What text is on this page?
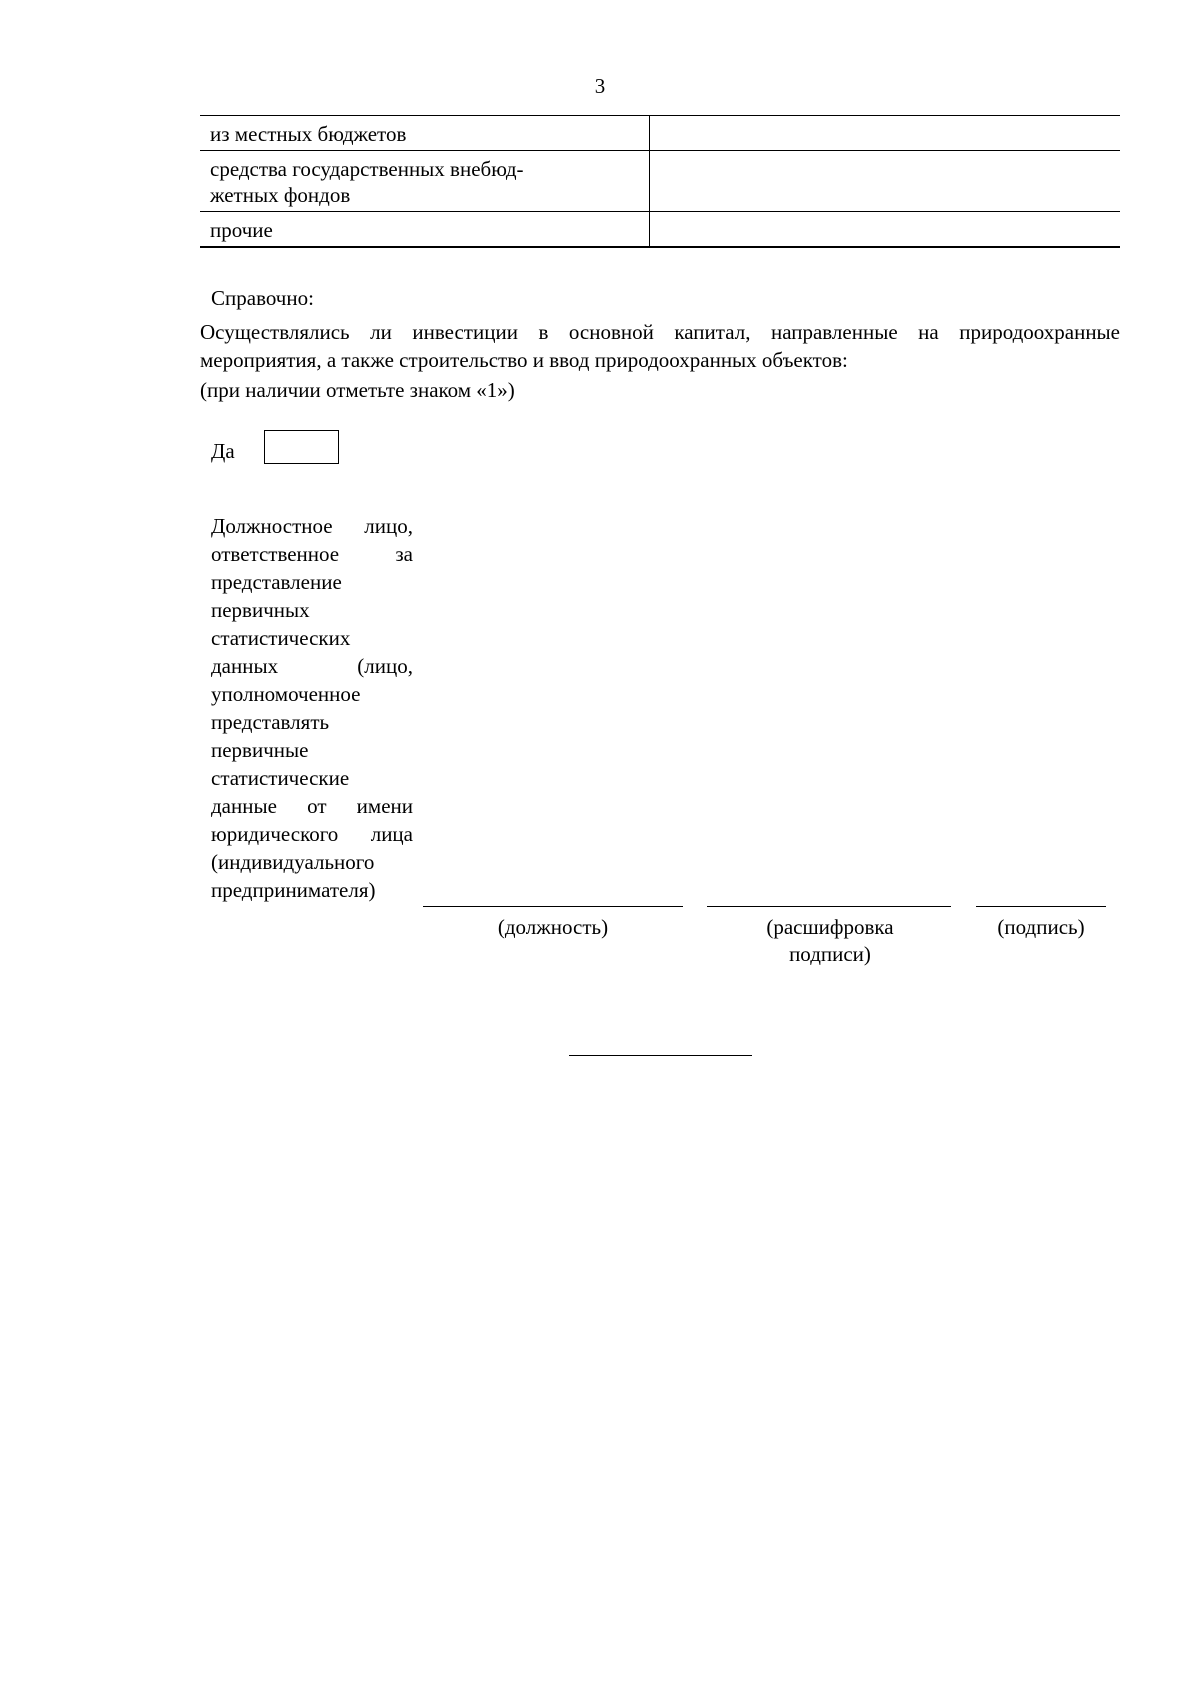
3
из местных бюджетов	
средства государственных внебюд-
жетных фондов	
прочие	
Справочно:
Осуществлялись ли инвестиции в основной капитал, направленные на природоохранные мероприятия, а также строительство и ввод природоохранных объектов:
(при наличии отметьте знаком «1»)
Да
Должностное лицо, ответственное за представление первичных статистических данных (лицо, уполномоченное представлять первичные статистические данные от имени юридического лица (индивидуального предпринимателя)
(должность)	(расшифровка подписи)
(подпись)
